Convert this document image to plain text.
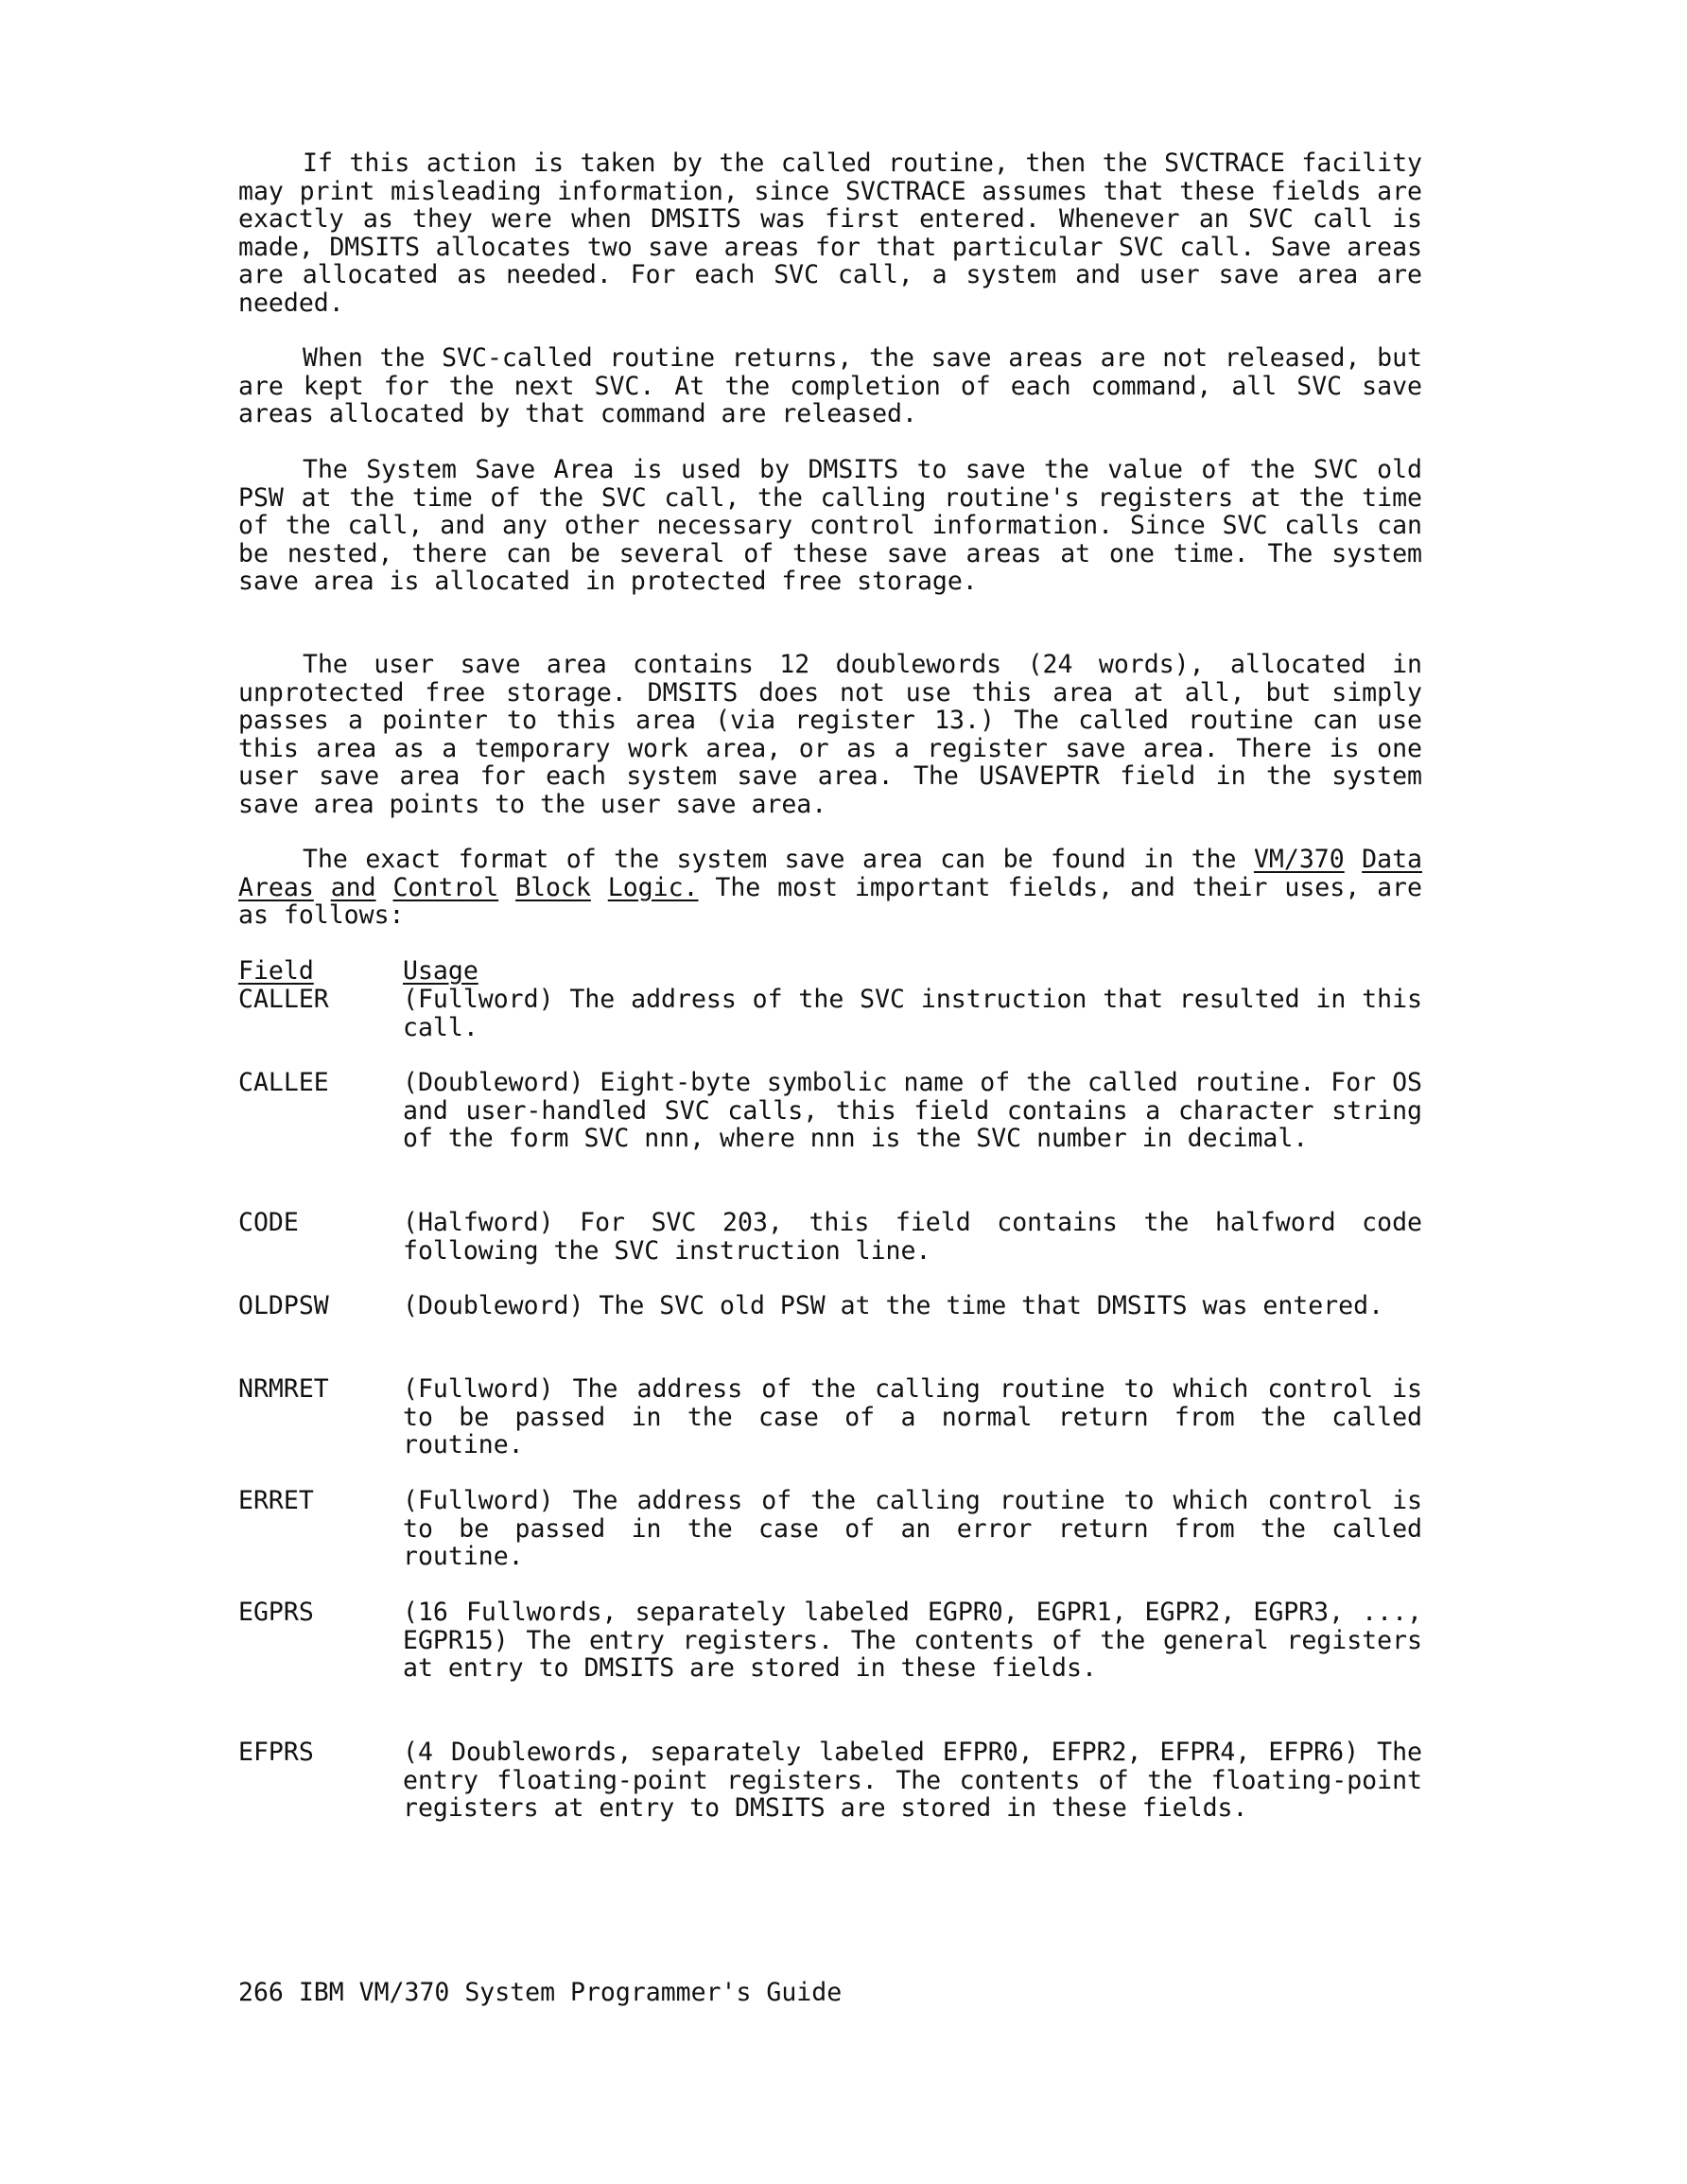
If this action is taken by the called routine, then the SVCTRACE facility may print misleading information, since SVCTRACE assumes that these fields are exactly as they were when DMSITS was first entered. Whenever an SVC call is made, DMSITS allocates two save areas for that particular SVC call. Save areas are allocated as needed. For each SVC call, a system and user save area are needed.

When the SVC-called routine returns, the save areas are not released, but are kept for the next SVC. At the completion of each command, all SVC save areas allocated by that command are released.

The System Save Area is used by DMSITS to save the value of the SVC old PSW at the time of the SVC call, the calling routine's registers at the time of the call, and any other necessary control information. Since SVC calls can be nested, there can be several of these save areas at one time. The system save area is allocated in protected free storage.

The user save area contains 12 doublewords (24 words), allocated in unprotected free storage. DMSITS does not use this area at all, but simply passes a pointer to this area (via register 13.) The called routine can use this area as a temporary work area, or as a register save area. There is one user save area for each system save area. The USAVEPTR field in the system save area points to the user save area.

The exact format of the system save area can be found in the VM/370 Data Areas and Control Block Logic. The most important fields, and their uses, are as follows:

Field	Usage

CALLER	(Fullword) The address of the SVC instruction that resulted in this call.

CALLEE	(Doubleword) Eight-byte symbolic name of the called routine. For OS and user-handled SVC calls, this field contains a character string of the form SVC nnn, where nnn is the SVC number in decimal.

CODE	(Halfword) For SVC 203, this field contains the halfword code following the SVC instruction line.

OLDPSW	(Doubleword) The SVC old PSW at the time that DMSITS was entered.

NRMRET	(Fullword) The address of the calling routine to which control is to be passed in the case of a normal return from the called routine.

ERRET	(Fullword) The address of the calling routine to which control is to be passed in the case of an error return from the called routine.

EGPRS	(16 Fullwords, separately labeled EGPR0, EGPR1, EGPR2, EGPR3, ..., EGPR15) The entry registers. The contents of the general registers at entry to DMSITS are stored in these fields.

EFPRS	(4 Doublewords, separately labeled EFPR0, EFPR2, EFPR4, EFPR6) The entry floating-point registers. The contents of the floating-point registers at entry to DMSITS are stored in these fields.

266 IBM VM/370 System Programmer's Guide
